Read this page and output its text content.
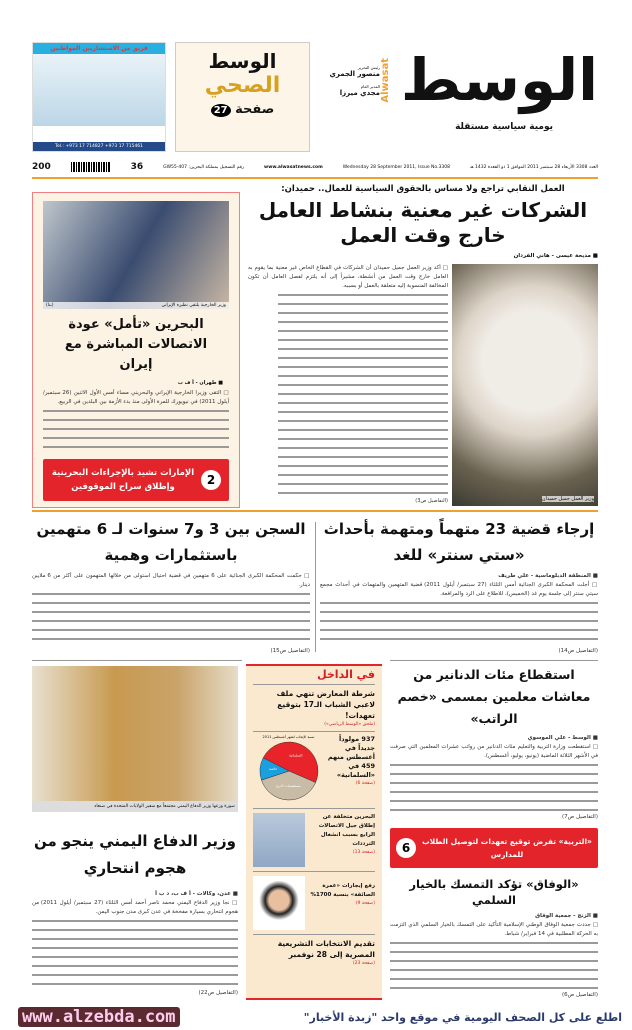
الوسط
Alwasat
يومية سياسية مستقلة
رئيس التحرير
منصور الجمري
المدير العام
مجدي ميرزا
الوسط
الصحي
صفحة 27
فريق من الاستشاريين المواطنين
Tel.: +973 17 714827 +973 17 715461
العدد 3308 الأربعاء 28 سبتمبر 2011 الموافق 1 ذو القعدة 1432 هـ
Wednesday 28 September 2011, Issue No.3308
www.alwasatnews.com
رقم التسجيل بمملكة البحرين: GW55-407
36
200
العمل النقابي تراجع ولا مساس بالحقوق السياسية للعمال.. حميدان:
الشركات غير معنية بنشاط العامل خارج وقت العمل
■ مديحة عيسى - هاني الفردان
وزير العمل جميل حميدان
□ أكد وزير العمل جميل حميدان أن الشركات في القطاع الخاص غير معنية بما يقوم به العامل خارج وقت العمل من أنشطة، مشيراً إلى أنه يلتزم لفصل العامل أن تكون المخالفة المنسوبة إليه متعلقة بالعمل أو بسببه.
(التفاصيل ص3)
وزير الخارجية يلتقي نظيره الإيراني
(بنا)
البحرين «تأمل» عودة الاتصالات المباشرة مع إيران
■ طهران - أ ف ب
□ التقى وزيرا الخارجية الإيراني والبحريني مساء أمس الأول الاثنين (26 سبتمبر/ أيلول 2011) في نيويورك للمرة الأولى منذ بدء الأزمة بين البلدين في الربيع.
2
الإمارات تشيد بالإجراءات البحرينية وإطلاق سراح الموقوفين
إرجاء قضية 23 متهماً ومتهمة بأحداث «ستي سنتر» للغد
■ المنطقة الدبلوماسية - علي طريف
□ أجلت المحكمة الكبرى الجنائية أمس الثلثاء (27 سبتمبر/ أيلول 2011) قضية المتهمين والمتهمات في أحداث مجمع سيتي سنتر إلى جلسة يوم غد (الخميس)، للاطلاع على الرد والمرافعة.
(التفاصيل ص14)
السجن بين 3 و7 سنوات لـ 6 متهمين باستثمارات وهمية
□ حكمت المحكمة الكبرى الجنائية على 6 متهمين في قضية احتيال استولى من خلالها المتهمون على أكثر من 6 ملايين دينار.
(التفاصيل ص15)
صورة وزعها وزير الدفاع اليمني مجتمعاً مع سفير الولايات المتحدة في صنعاء
وزير الدفاع اليمني ينجو من هجوم انتحاري
■ عدن، وكالات - أ ف ب، د ب أ
□ نجا وزير الدفاع اليمني محمد ناصر أحمد أمس الثلثاء (27 سبتمبر/ أيلول 2011) من هجوم انتحاري بسيارة مفخخة في عدن كبرى مدن جنوب اليمن.
(التفاصيل ص22)
في الداخل
شرطة المعارض تنهي ملف لاعبي الشباب الـ17 بتوقيع تعهدات!
(ملحق «الوسط الرياضي»)
937 مولوداً جديداً في أغسطس منهم 459 في «السلمانية»
(صفحة 6)
نسبة الإنجاب لشهر أغسطس 2011
السلمانية
مستشفيات أخرى
خاصة
البحرين متخلفة عن إطلاق جيل الاتصالات الرابع بسبب انشغال الترددات
(صفحة 13)
رفع إيجارات «عمرة الصائفة» بنسبة 1700%
(صفحة 9)
تقديم الانتخابات التشريعية المصرية إلى 28 نوفمبر
(صفحة 23)
استقطاع مئات الدنانير من معاشات معلمين بمسمى «خصم الراتب»
■ الوسط - علي الموسوي
□ استقطعت وزارة التربية والتعليم مئات الدنانير من رواتب عشرات المعلمين التي صرفت في الأشهر الثلاثة الماضية (يونيو، يوليو، أغسطس).
(التفاصيل ص7)
«التربية» تفرض توقيع تعهدات لتوصيل الطلاب للمدارس
6
«الوفاق» تؤكد التمسك بالخيار السلمي
■ الزنج - جمعية الوفاق
□ جددت جمعية الوفاق الوطني الإسلامية التأكيد على التمسك بالخيار السلمي الذي التزمت به الحركة المطلبية في 14 فبراير/ شباط.
(التفاصيل ص6)
www.alzebda.com	اطلع على كل الصحف اليومية في موقع واحد "زبدة الأخبار"
